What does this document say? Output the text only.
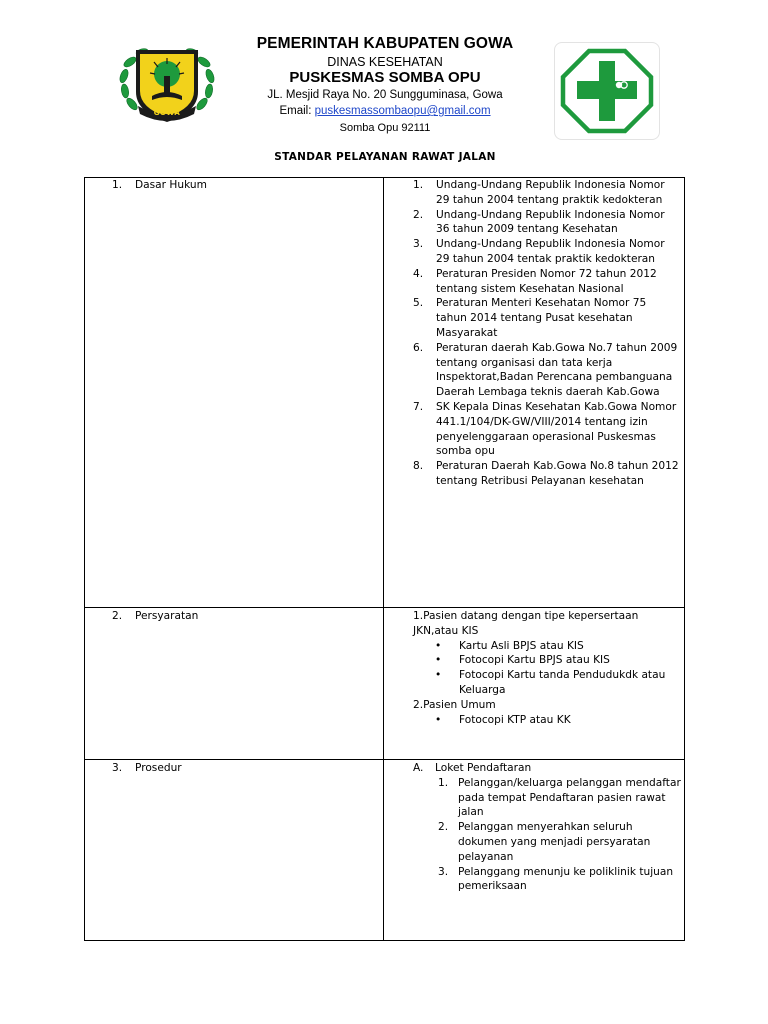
GOWA
PEMERINTAH KABUPATEN GOWA
DINAS KESEHATAN
PUSKESMAS SOMBA OPU
JL. Mesjid Raya No. 20 Sungguminasa, Gowa
Email: puskesmassombaopu@gmail.com
Somba Opu 92111
STANDAR PELAYANAN RAWAT JALAN
1. Dasar Hukum	1. Undang-Undang Republik Indonesia Nomor 29 tahun 2004 tentang praktik kedokteran
2. Undang-Undang Republik Indonesia Nomor 36 tahun 2009 tentang Kesehatan
3. Undang-Undang Republik Indonesia Nomor 29 tahun 2004 tentak praktik kedokteran
4. Peraturan Presiden Nomor 72 tahun 2012 tentang sistem Kesehatan Nasional
5. Peraturan Menteri Kesehatan Nomor 75 tahun 2014 tentang Pusat kesehatan Masyarakat
6. Peraturan daerah Kab.Gowa No.7 tahun 2009 tentang organisasi dan tata kerja Inspektorat,Badan Perencana pembanguana Daerah Lembaga teknis daerah Kab.Gowa
7. SK Kepala Dinas Kesehatan Kab.Gowa Nomor 441.1/104/DK-GW/VIII/2014 tentang izin penyelenggaraan operasional Puskesmas somba opu
8. Peraturan Daerah Kab.Gowa No.8 tahun 2012 tentang Retribusi Pelayanan kesehatan
2. Persyaratan	1.Pasien datang dengan tipe kepersertaan JKN,atau KIS

• Kartu Asli BPJS atau KIS
• Fotocopi Kartu BPJS atau KIS
• Fotocopi Kartu tanda Pendudukdk atau Keluarga

2.Pasien Umum

• Fotocopi KTP atau KK
3. Prosedur	A. Loket Pendaftaran
1. Pelanggan/keluarga pelanggan mendaftar pada tempat Pendaftaran pasien rawat jalan
2. Pelanggan menyerahkan seluruh dokumen yang menjadi persyaratan pelayanan
3. Pelanggang menunju ke poliklinik tujuan pemeriksaan
